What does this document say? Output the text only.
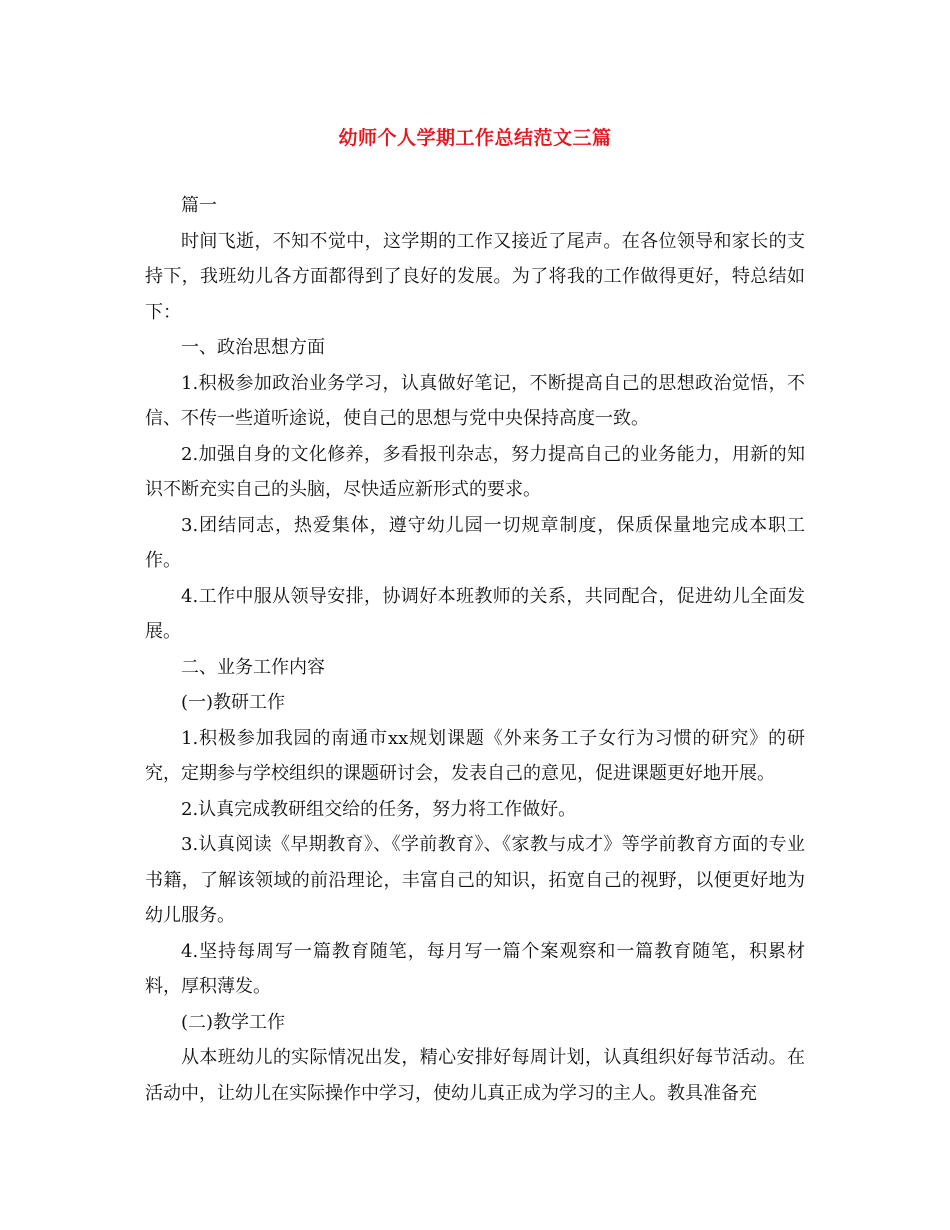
幼师个人学期工作总结范文三篇

篇一

时间飞逝，不知不觉中，这学期的工作又接近了尾声。在各位领导和家长的支持下，我班幼儿各方面都得到了良好的发展。为了将我的工作做得更好，特总结如下：

一、政治思想方面

1.积极参加政治业务学习，认真做好笔记，不断提高自己的思想政治觉悟，不信、不传一些道听途说，使自己的思想与党中央保持高度一致。

2.加强自身的文化修养，多看报刊杂志，努力提高自己的业务能力，用新的知识不断充实自己的头脑，尽快适应新形式的要求。

3.团结同志，热爱集体，遵守幼儿园一切规章制度，保质保量地完成本职工作。

4.工作中服从领导安排，协调好本班教师的关系，共同配合，促进幼儿全面发展。

二、业务工作内容

(一)教研工作

1.积极参加我园的南通市xx规划课题《外来务工子女行为习惯的研究》的研究，定期参与学校组织的课题研讨会，发表自己的意见，促进课题更好地开展。

2.认真完成教研组交给的任务，努力将工作做好。

3.认真阅读《早期教育》、《学前教育》、《家教与成才》等学前教育方面的专业书籍，了解该领域的前沿理论，丰富自己的知识，拓宽自己的视野，以便更好地为幼儿服务。

4.坚持每周写一篇教育随笔，每月写一篇个案观察和一篇教育随笔，积累材料，厚积薄发。

(二)教学工作

从本班幼儿的实际情况出发，精心安排好每周计划，认真组织好每节活动。在活动中，让幼儿在实际操作中学习，使幼儿真正成为学习的主人。教具准备充
